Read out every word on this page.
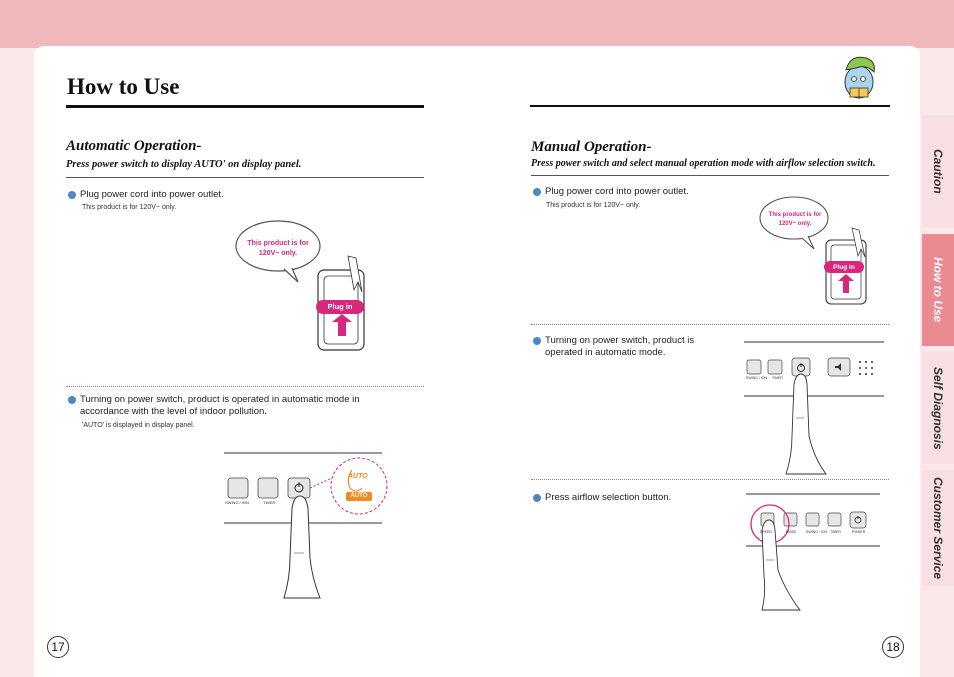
How to Use
Automatic Operation-
Press power switch to display AUTO' on display panel.
Plug power cord into power outlet.
This product is for 120V~ only.
This product is for
120V~ only.
Plug in
Turning on power switch, product is operated in automatic mode in accordance with the level of indoor pollution.
'AUTO' is displayed in display panel.
SWING / ION	TIMER
AUTO
AUTO
17
Manual Operation-
Press power switch and select manual operation mode with airflow selection switch.
Plug power cord into power outlet.
This product is for 120V~ only.
This product is for
120V~ only.
Plug in
Turning on power switch, product is operated in automatic mode.
SWING / ION TIMER
Press airflow selection button.
SPEED	MODE	SWING / ION TIMER	POWER
18
Caution
How to Use
Self Diagnosis
Customer Service
